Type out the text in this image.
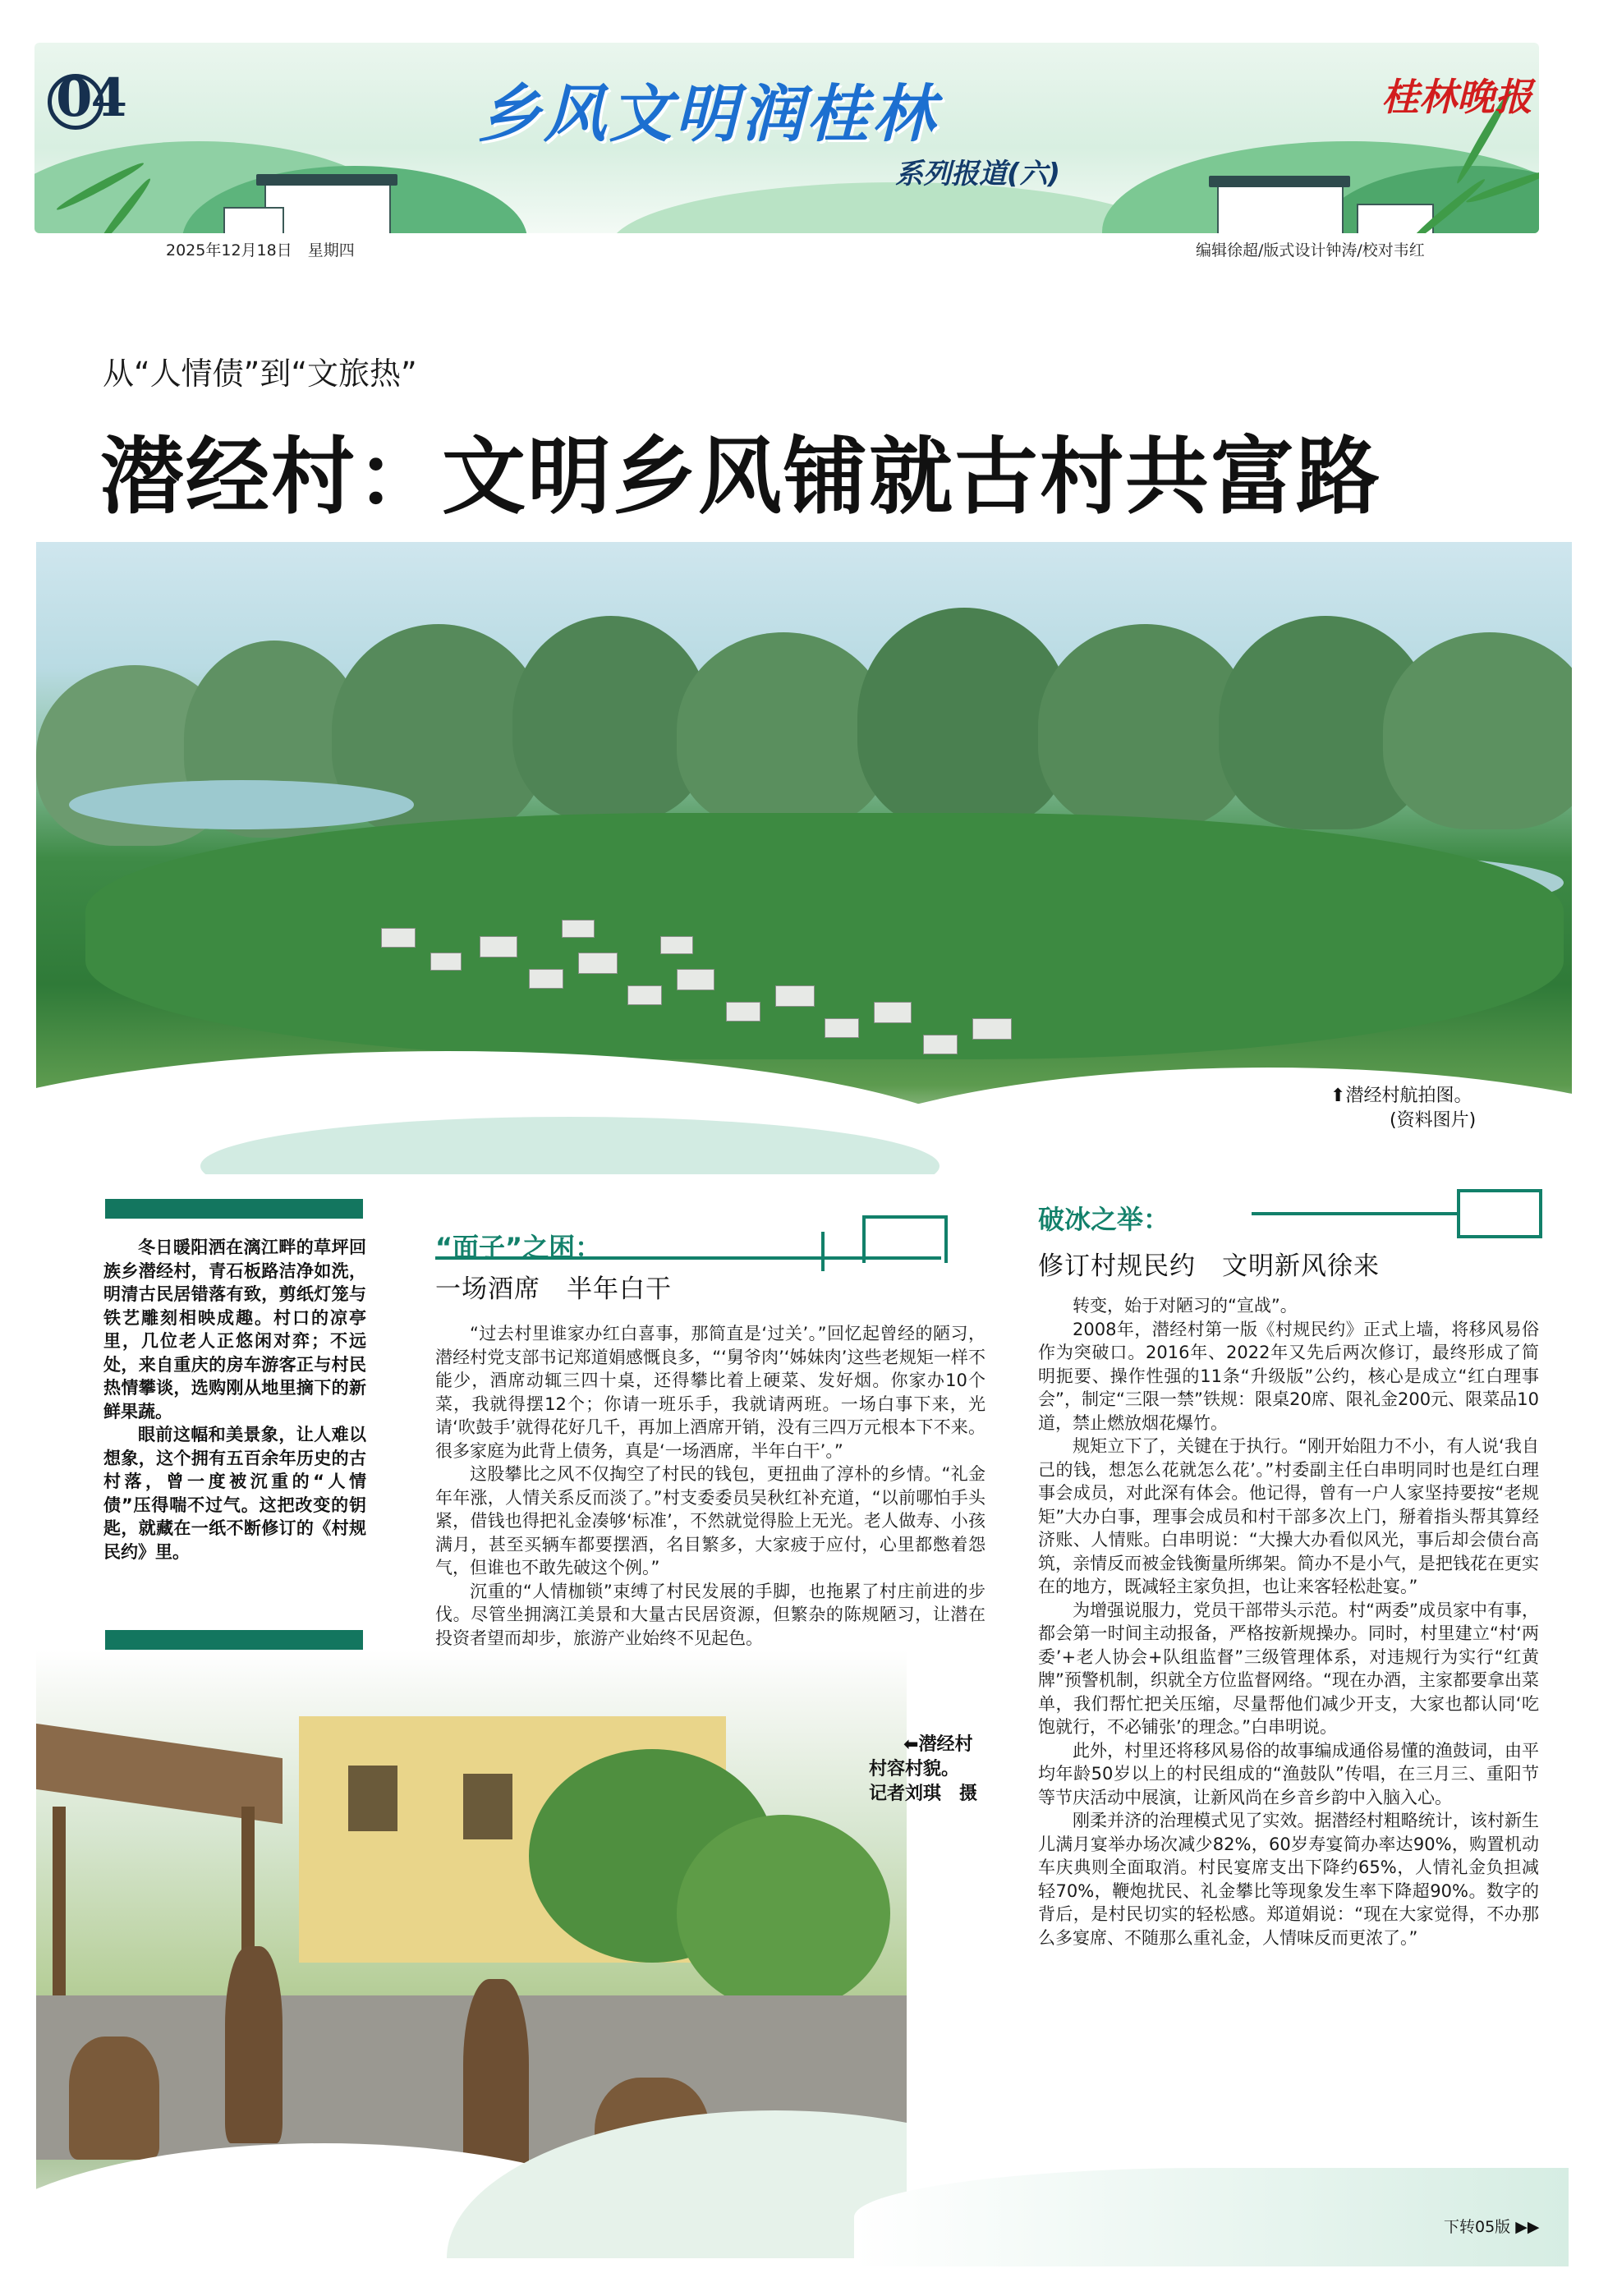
04	乡风文明润桂林
系列报道(六)
桂林晚报
2025年12月18日　星期四	编辑徐超/版式设计钟涛/校对韦红
从“人情债”到“文旅热”
潜经村：文明乡风铺就古村共富路
⬆潜经村航拍图。
(资料图片)

冬日暖阳洒在漓江畔的草坪回族乡潜经村，青石板路洁净如洗，明清古民居错落有致，剪纸灯笼与铁艺雕刻相映成趣。村口的凉亭里，几位老人正悠闲对弈；不远处，来自重庆的房车游客正与村民热情攀谈，选购刚从地里摘下的新鲜果蔬。

眼前这幅和美景象，让人难以想象，这个拥有五百余年历史的古村落，曾一度被沉重的“人情债”压得喘不过气。这把改变的钥匙，就藏在一纸不断修订的《村规民约》里。

“面子”之困：
一场酒席　半年白干

“过去村里谁家办红白喜事，那简直是‘过关’。”回忆起曾经的陋习，潜经村党支部书记郑道娟感慨良多，“‘舅爷肉’‘姊妹肉’这些老规矩一样不能少，酒席动辄三四十桌，还得攀比着上硬菜、发好烟。你家办10个菜，我就得摆12个；你请一班乐手，我就请两班。一场白事下来，光请‘吹鼓手’就得花好几千，再加上酒席开销，没有三四万元根本下不来。很多家庭为此背上债务，真是‘一场酒席，半年白干’。”

这股攀比之风不仅掏空了村民的钱包，更扭曲了淳朴的乡情。“礼金年年涨，人情关系反而淡了。”村支委委员吴秋红补充道，“以前哪怕手头紧，借钱也得把礼金凑够‘标准’，不然就觉得脸上无光。老人做寿、小孩满月，甚至买辆车都要摆酒，名目繁多，大家疲于应付，心里都憋着怨气，但谁也不敢先破这个例。”

沉重的“人情枷锁”束缚了村民发展的手脚，也拖累了村庄前进的步伐。尽管坐拥漓江美景和大量古民居资源，但繁杂的陈规陋习，让潜在投资者望而却步，旅游产业始终不见起色。

破冰之举：
修订村规民约　文明新风徐来

转变，始于对陋习的“宣战”。

2008年，潜经村第一版《村规民约》正式上墙，将移风易俗作为突破口。2016年、2022年又先后两次修订，最终形成了简明扼要、操作性强的11条“升级版”公约，核心是成立“红白理事会”，制定“三限一禁”铁规：限桌20席、限礼金200元、限菜品10道，禁止燃放烟花爆竹。

规矩立下了，关键在于执行。“刚开始阻力不小，有人说‘我自己的钱，想怎么花就怎么花’。”村委副主任白串明同时也是红白理事会成员，对此深有体会。他记得，曾有一户人家坚持要按“老规矩”大办白事，理事会成员和村干部多次上门，掰着指头帮其算经济账、人情账。白串明说：“大操大办看似风光，事后却会债台高筑，亲情反而被金钱衡量所绑架。简办不是小气，是把钱花在更实在的地方，既减轻主家负担，也让来客轻松赴宴。”

为增强说服力，党员干部带头示范。村“两委”成员家中有事，都会第一时间主动报备，严格按新规操办。同时，村里建立“村‘两委’+老人协会+队组监督”三级管理体系，对违规行为实行“红黄牌”预警机制，织就全方位监督网络。“现在办酒，主家都要拿出菜单，我们帮忙把关压缩，尽量帮他们减少开支，大家也都认同‘吃饱就行，不必铺张’的理念。”白串明说。

此外，村里还将移风易俗的故事编成通俗易懂的渔鼓词，由平均年龄50岁以上的村民组成的“渔鼓队”传唱，在三月三、重阳节等节庆活动中展演，让新风尚在乡音乡韵中入脑入心。

刚柔并济的治理模式见了实效。据潜经村粗略统计，该村新生儿满月宴举办场次减少82%，60岁寿宴简办率达90%，购置机动车庆典则全面取消。村民宴席支出下降约65%，人情礼金负担减轻70%，鞭炮扰民、礼金攀比等现象发生率下降超90%。数字的背后，是村民切实的轻松感。郑道娟说：“现在大家觉得，不办那么多宴席、不随那么重礼金，人情味反而更浓了。”

⬅潜经村
村容村貌。
记者刘琪　摄
下转05版 ▶▶
